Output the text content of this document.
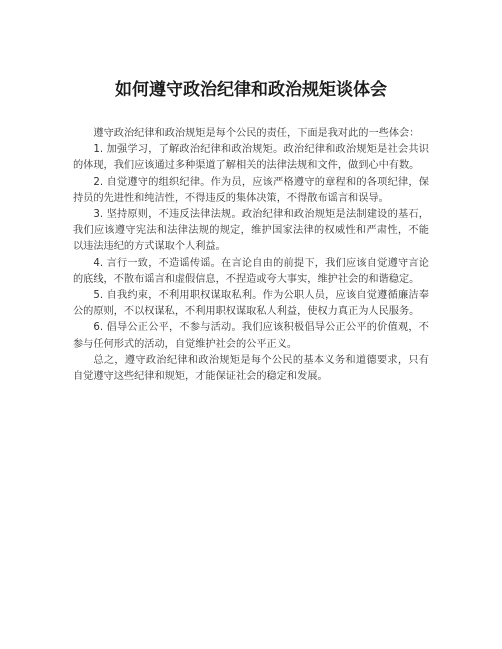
如何遵守政治纪律和政治规矩谈体会

遵守政治纪律和政治规矩是每个公民的责任，下面是我对此的一些体会：

1. 加强学习，了解政治纪律和政治规矩。政治纪律和政治规矩是社会共识的体现，我们应该通过多种渠道了解相关的法律法规和文件，做到心中有数。

2. 自觉遵守的组织纪律。作为员，应该严格遵守的章程和的各项纪律，保持员的先进性和纯洁性，不得违反的集体决策，不得散布谣言和误导。

3. 坚持原则，不违反法律法规。政治纪律和政治规矩是法制建设的基石，我们应该遵守宪法和法律法规的规定，维护国家法律的权威性和严肃性，不能以违法违纪的方式谋取个人利益。

4. 言行一致，不造谣传谣。在言论自由的前提下，我们应该自觉遵守言论的底线，不散布谣言和虚假信息，不捏造或夸大事实，维护社会的和谐稳定。

5. 自我约束，不利用职权谋取私利。作为公职人员，应该自觉遵循廉洁奉公的原则，不以权谋私，不利用职权谋取私人利益，使权力真正为人民服务。

6. 倡导公正公平，不参与活动。我们应该积极倡导公正公平的价值观，不参与任何形式的活动，自觉维护社会的公平正义。

总之，遵守政治纪律和政治规矩是每个公民的基本义务和道德要求，只有自觉遵守这些纪律和规矩，才能保证社会的稳定和发展。
